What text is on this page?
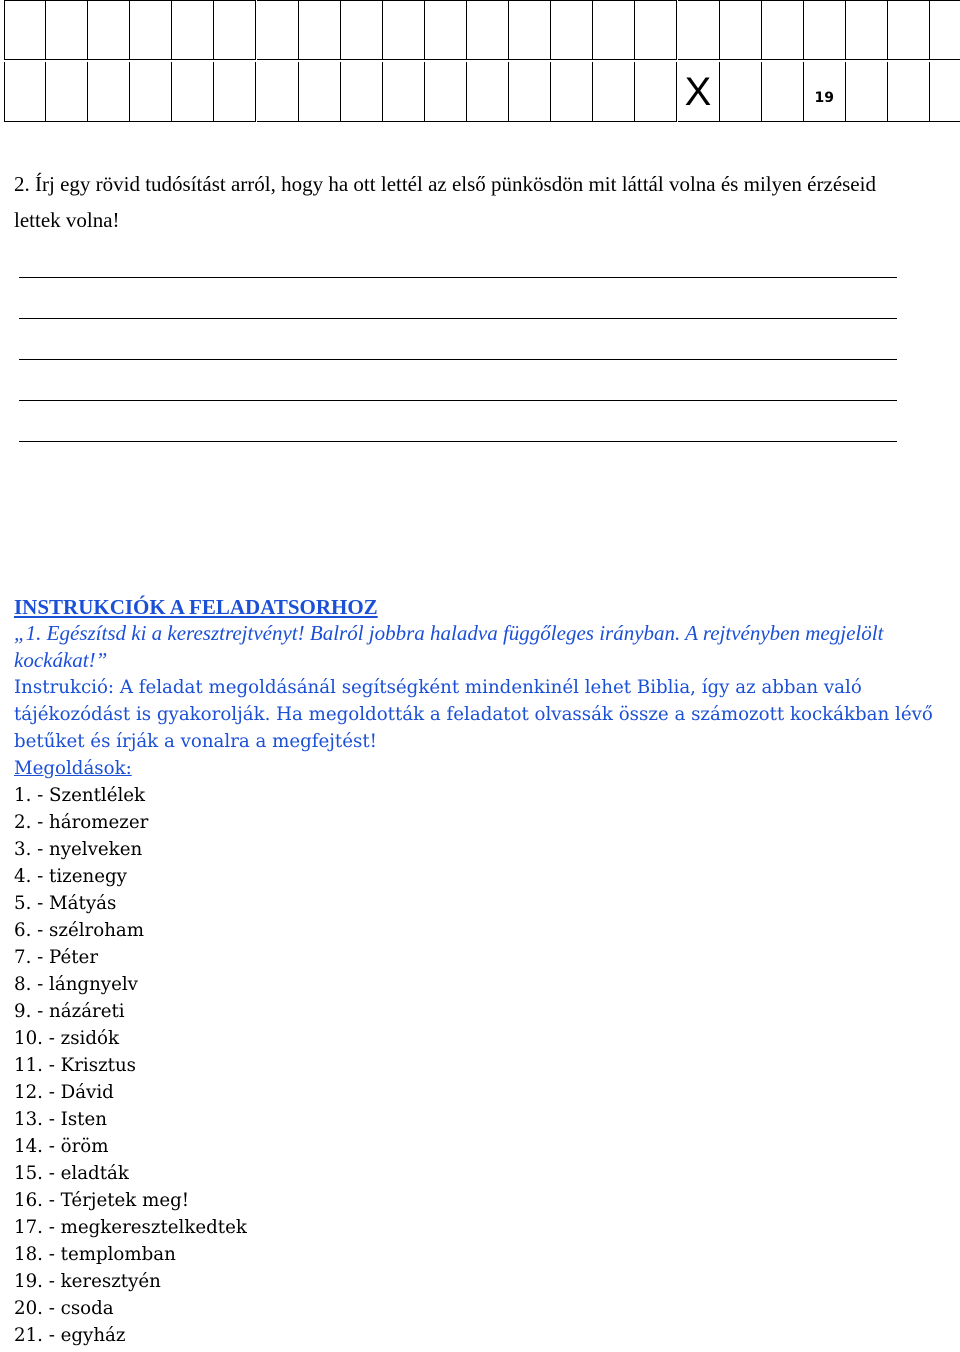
X	19
2. Írj egy rövid tudósítást arról, hogy ha ott lettél az első pünkösdön mit láttál volna és milyen érzéseid lettek volna!
INSTRUKCIÓK A FELADATSORHOZ
„1. Egészítsd ki a keresztrejtvényt! Balról jobbra haladva függőleges irányban. A rejtvényben megjelölt kockákat!”
Instrukció: A feladat megoldásánál segítségként mindenkinél lehet Biblia, így az abban való tájékozódást is gyakorolják. Ha megoldották a feladatot olvassák össze a számozott kockákban lévő betűket és írják a vonalra a megfejtést!
Megoldások:
1. - Szentlélek
2. - háromezer
3. - nyelveken
4. - tizenegy
5. - Mátyás
6. - szélroham
7. - Péter
8. - lángnyelv
9. - názáreti
10. - zsidók
11. - Krisztus
12. - Dávid
13. - Isten
14. - öröm
15. - eladták
16. - Térjetek meg!
17. - megkeresztelkedtek
18. - templomban
19. - keresztyén
20. - csoda
21. - egyház
